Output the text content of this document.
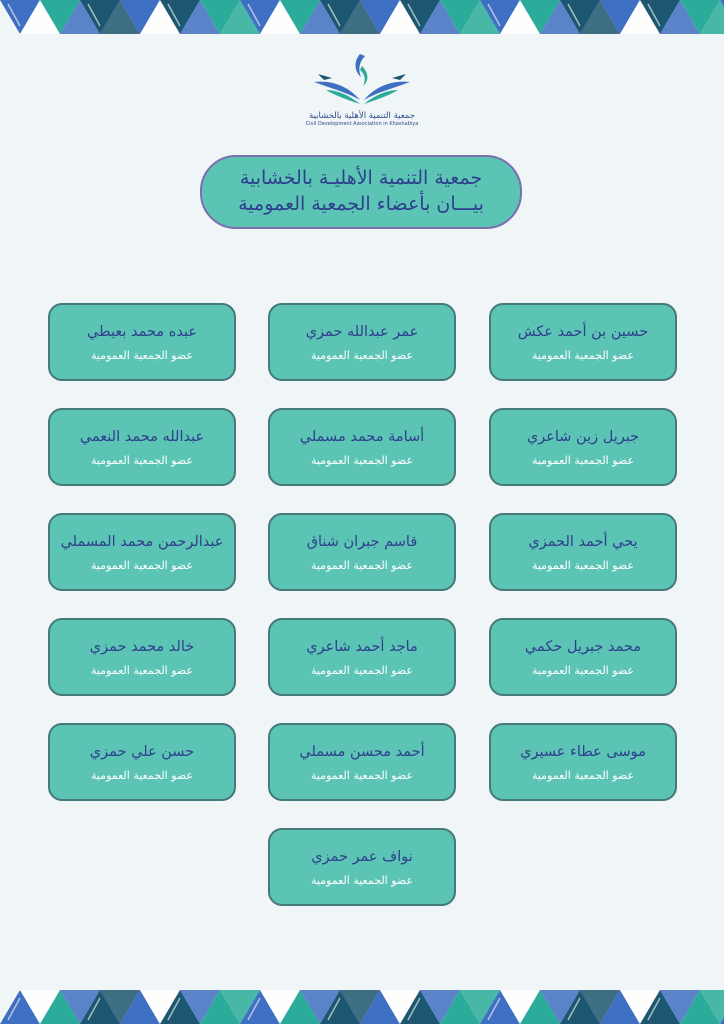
جمعية التنمية الأهلية بالخشابية
Civil Development Association in Khashabiya
جمعية التنمية الأهليـة بالخشابية
بيـــان بأعضاء الجمعية العمومية
حسين بن أحمد عكش
عضو الجمعية العمومية
عمر عبدالله حمزي
عضو الجمعية العمومية
عبده محمد بعيطي
عضو الجمعية العمومية
جبريل زين شاعري
عضو الجمعية العمومية
أسامة محمد مسملي
عضو الجمعية العمومية
عبدالله محمد النعمي
عضو الجمعية العمومية
يحي أحمد الحمزي
عضو الجمعية العمومية
قاسم جبران شناق
عضو الجمعية العمومية
عبدالرحمن محمد المسملي
عضو الجمعية العمومية
محمد جبريل حكمي
عضو الجمعية العمومية
ماجد أحمد شاعري
عضو الجمعية العمومية
خالد محمد حمزي
عضو الجمعية العمومية
موسى عطاء عسيري
عضو الجمعية العمومية
أحمد محسن مسملي
عضو الجمعية العمومية
حسن علي حمزي
عضو الجمعية العمومية
نواف عمر حمزي
عضو الجمعية العمومية
